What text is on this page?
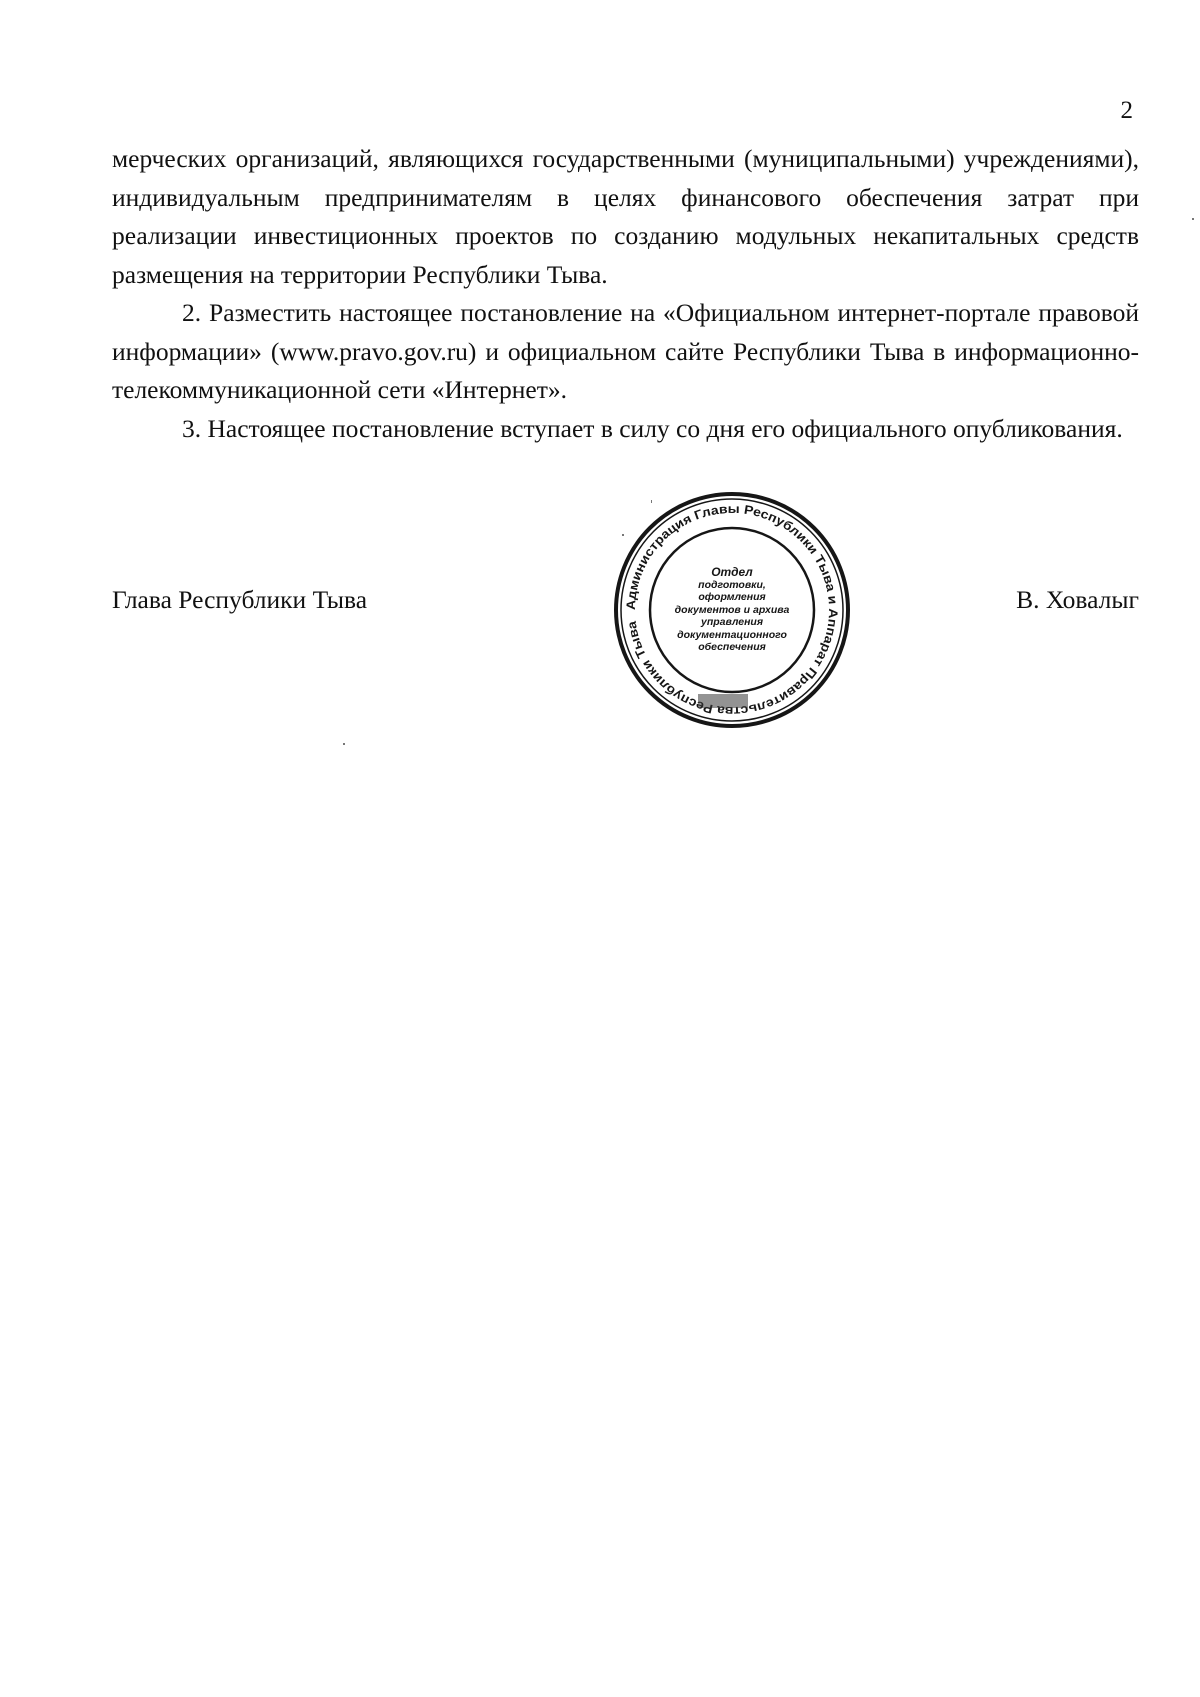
2

мерческих организаций, являющихся государственными (муниципальными) учреждениями), индивидуальным предпринимателям в целях финансового обеспечения затрат при реализации инвестиционных проектов по созданию модульных некапитальных средств размещения на территории Республики Тыва.

2. Разместить настоящее постановление на «Официальном интернет-портале правовой информации» (www.pravo.gov.ru) и официальном сайте Республики Тыва в информационно-телекоммуникационной сети «Интернет».

3. Настоящее постановление вступает в силу со дня его официального опубликования.

Глава Республики Тыва	В. Ховалыг
Администрация Главы Республики Тыва и Аппарат Правительства Р спублики Тыва
Отдел
подготовки,
оформления
документов и архива
управления
документационного
обеспечения
